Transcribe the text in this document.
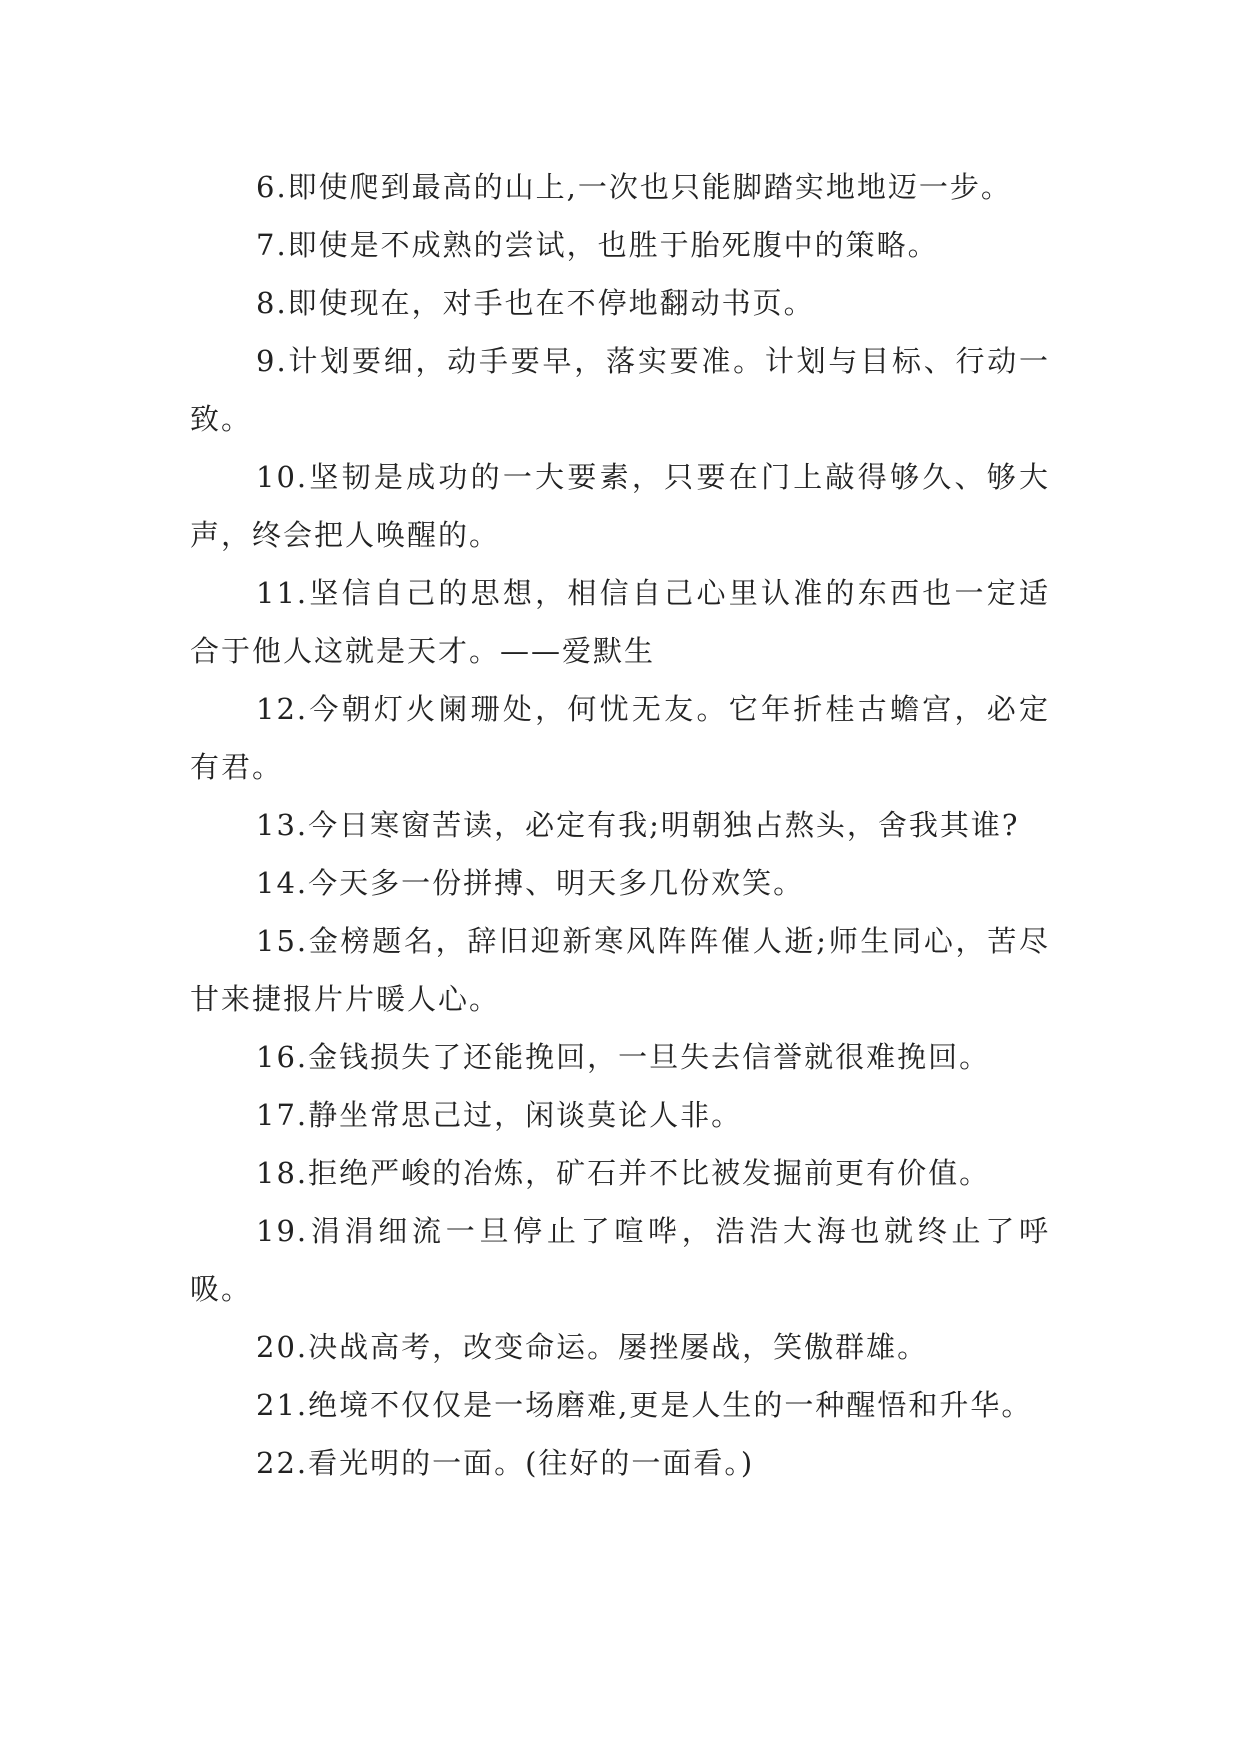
6.即使爬到最高的山上,一次也只能脚踏实地地迈一步。

7.即使是不成熟的尝试，也胜于胎死腹中的策略。

8.即使现在，对手也在不停地翻动书页。

9.计划要细，动手要早，落实要准。计划与目标、行动一致。

10.坚韧是成功的一大要素，只要在门上敲得够久、够大声，终会把人唤醒的。

11.坚信自己的思想，相信自己心里认准的东西也一定适合于他人这就是天才。——爱默生

12.今朝灯火阑珊处，何忧无友。它年折桂古蟾宫，必定有君。

13.今日寒窗苦读，必定有我;明朝独占熬头，舍我其谁?

14.今天多一份拼搏、明天多几份欢笑。

15.金榜题名，辞旧迎新寒风阵阵催人逝;师生同心，苦尽甘来捷报片片暖人心。

16.金钱损失了还能挽回，一旦失去信誉就很难挽回。

17.静坐常思己过，闲谈莫论人非。

18.拒绝严峻的冶炼，矿石并不比被发掘前更有价值。

19.涓涓细流一旦停止了喧哗，浩浩大海也就终止了呼吸。

20.决战高考，改变命运。屡挫屡战，笑傲群雄。

21.绝境不仅仅是一场磨难,更是人生的一种醒悟和升华。

22.看光明的一面。(往好的一面看。)
